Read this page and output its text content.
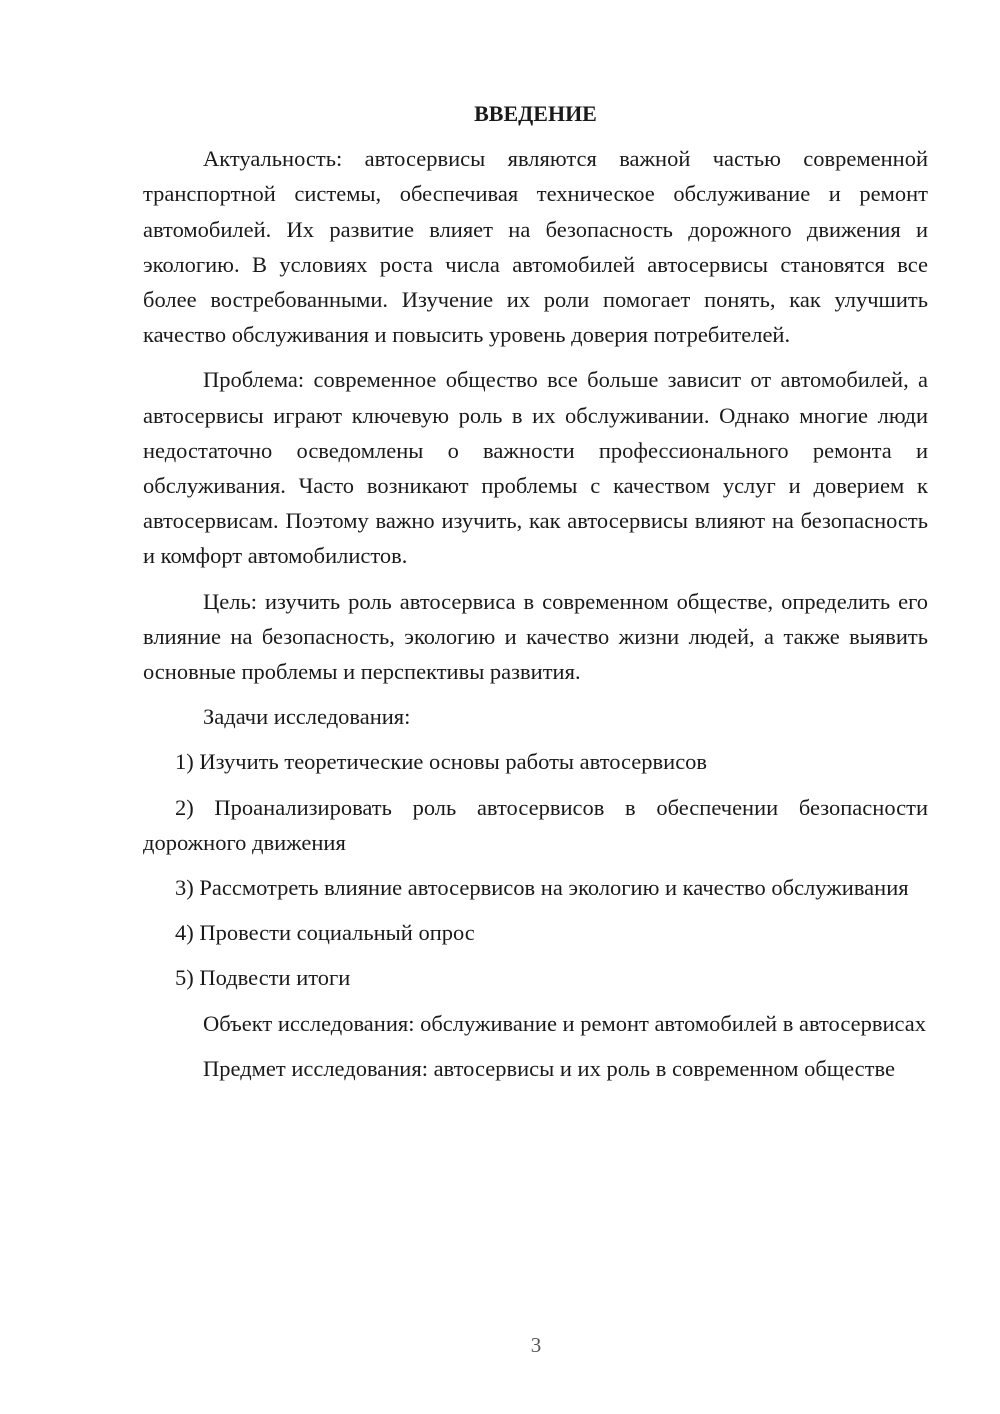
ВВЕДЕНИЕ

Актуальность: автосервисы являются важной частью современной транспортной системы, обеспечивая техническое обслуживание и ремонт автомобилей. Их развитие влияет на безопасность дорожного движения и экологию. В условиях роста числа автомобилей автосервисы становятся все более востребованными. Изучение их роли помогает понять, как улучшить качество обслуживания и повысить уровень доверия потребителей.

Проблема: современное общество все больше зависит от автомобилей, а автосервисы играют ключевую роль в их обслуживании. Однако многие люди недостаточно осведомлены о важности профессионального ремонта и обслуживания. Часто возникают проблемы с качеством услуг и доверием к автосервисам. Поэтому важно изучить, как автосервисы влияют на безопасность и комфорт автомобилистов.

Цель: изучить роль автосервиса в современном обществе, определить его влияние на безопасность, экологию и качество жизни людей, а также выявить основные проблемы и перспективы развития.

Задачи исследования:

1) Изучить теоретические основы работы автосервисов

2) Проанализировать роль автосервисов в обеспечении безопасности дорожного движения

3) Рассмотреть влияние автосервисов на экологию и качество обслуживания

4) Провести социальный опрос

5) Подвести итоги

Объект исследования: обслуживание и ремонт автомобилей в автосервисах

Предмет исследования: автосервисы и их роль в современном обществе

3
